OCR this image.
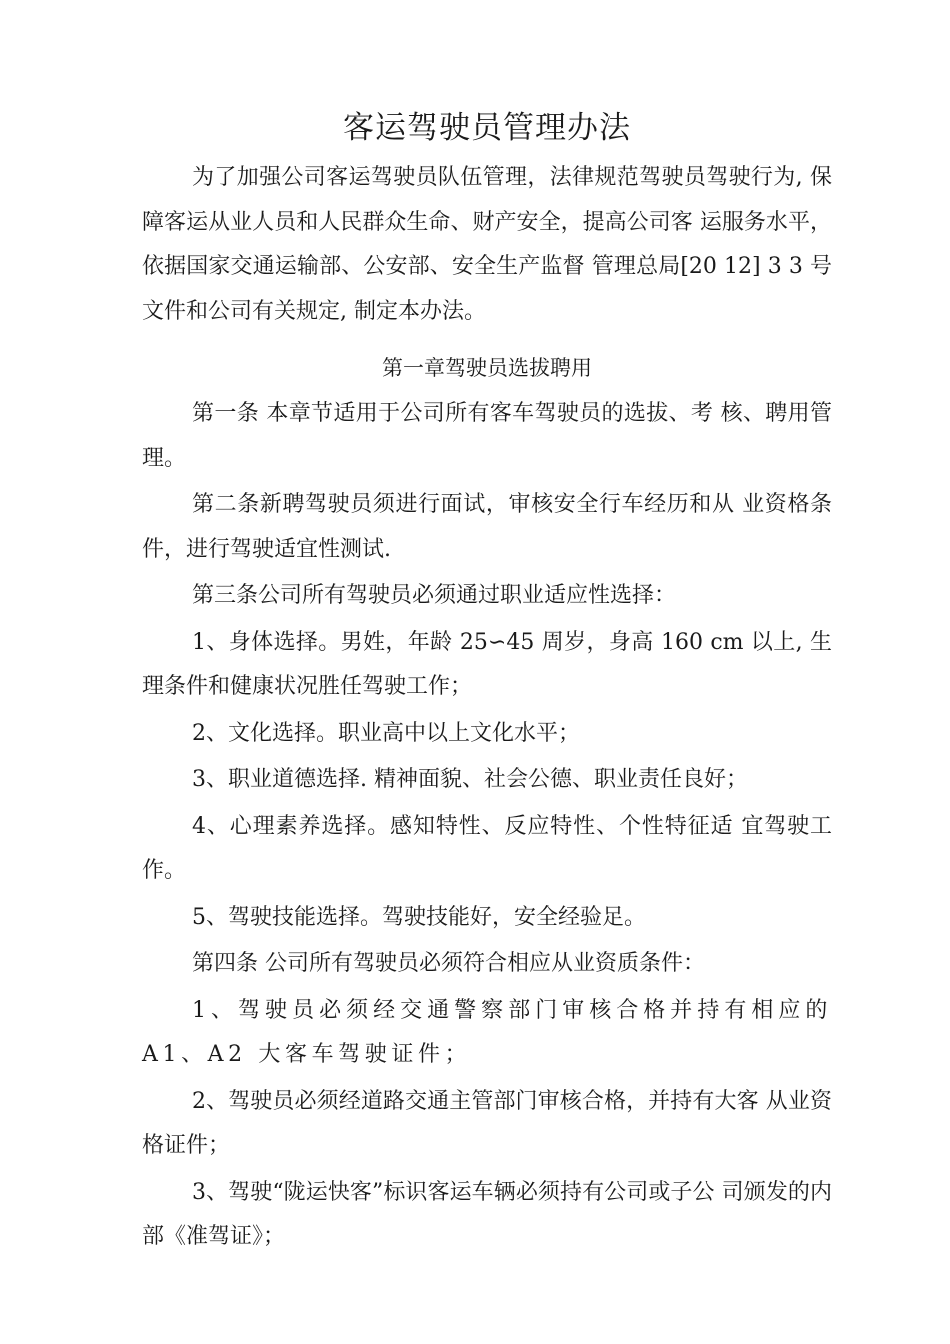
客运驾驶员管理办法

为了加强公司客运驾驶员队伍管理，法律规范驾驶员驾驶行为, 保障客运从业人员和人民群众生命、财产安全，提高公司客 运服务水平，依据国家交通运输部、公安部、安全生产监督 管理总局[20 12] 3 3 号文件和公司有关规定, 制定本办法。

第一章驾驶员选拔聘用

第一条 本章节适用于公司所有客车驾驶员的选拔、考 核、聘用管理。

第二条新聘驾驶员须进行面试，审核安全行车经历和从 业资格条件，进行驾驶适宜性测试.

第三条公司所有驾驶员必须通过职业适应性选择：

1、身体选择。男姓，年龄 25∽45 周岁，身高 160 cm 以上, 生理条件和健康状况胜任驾驶工作；

2、文化选择。职业高中以上文化水平；

3、职业道德选择. 精神面貌、社会公德、职业责任良好；

4、心理素养选择。感知特性、反应特性、个性特征适 宜驾驶工作。

5、驾驶技能选择。驾驶技能好，安全经验足。

第四条 公司所有驾驶员必须符合相应从业资质条件：

1、驾驶员必须经交通警察部门审核合格并持有相应的A1、A2 大客车驾驶证件；

2、驾驶员必须经道路交通主管部门审核合格，并持有大客 从业资格证件；

3、驾驶“陇运快客”标识客运车辆必须持有公司或子公 司颁发的内部《准驾证》；
